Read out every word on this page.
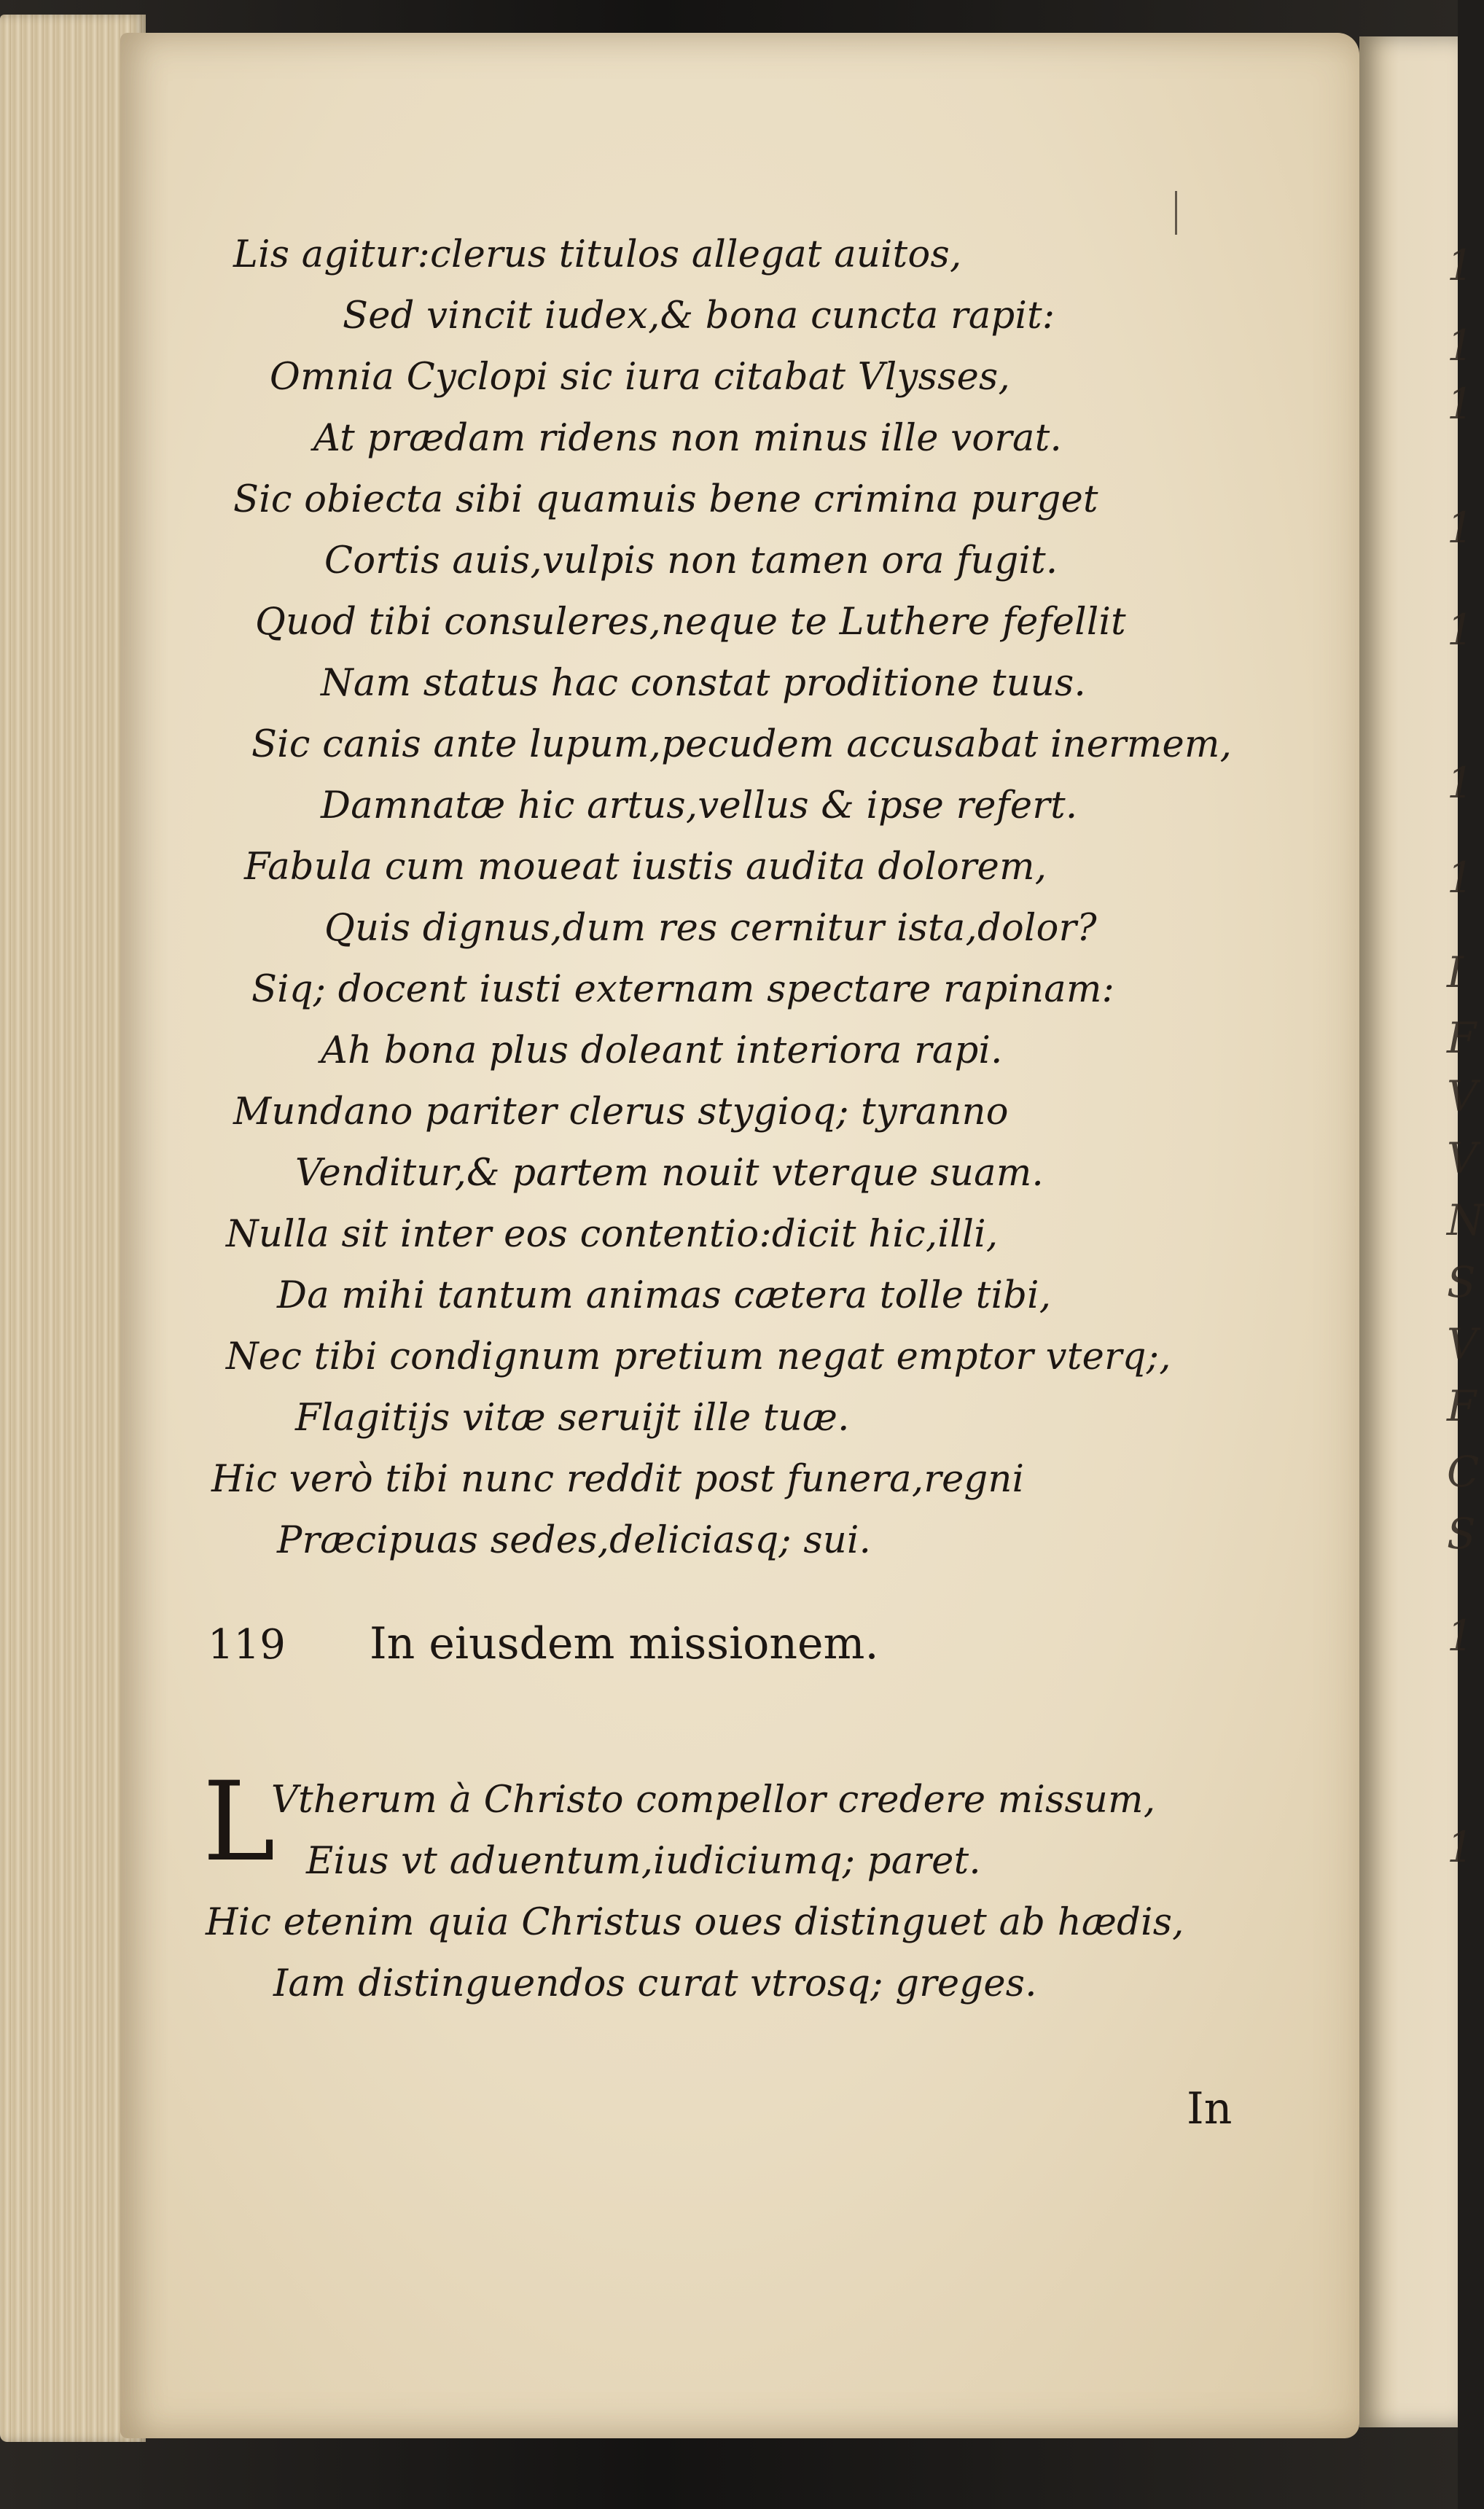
Lis agitur:clerus titulos allegat auitos,

Sed vincit iudex,& bona cuncta rapit:

Omnia Cyclopi sic iura citabat Vlysses,

At prædam ridens non minus ille vorat.

Sic obiecta sibi quamuis bene crimina purget

Cortis auis,vulpis non tamen ora fugit.

Quod tibi consuleres,neque te Luthere fefellit

Nam status hac constat proditione tuus.

Sic canis ante lupum,pecudem accusabat inermem,

Damnatæ hic artus,vellus & ipse refert.

Fabula cum moueat iustis audita dolorem,

Quis dignus,dum res cernitur ista,dolor?

Siq; docent iusti externam spectare rapinam:

Ah bona plus doleant interiora rapi.

Mundano pariter clerus stygioq; tyranno

Venditur,& partem nouit vterque suam.

Nulla sit inter eos contentio:dicit hic,illi,

Da mihi tantum animas cætera tolle tibi,

Nec tibi condignum pretium negat emptor vterq;,

Flagitijs vitæ seruijt ille tuæ.

Hic verò tibi nunc reddit post funera,regni

Præcipuas sedes,deliciasq; sui.

119 In eiusdem missionem.
L

Vtherum à Christo compellor credere missum,

Eius vt aduentum,iudiciumq; paret.

Hic etenim quia Christus oues distinguet ab hædis,

Iam distinguendos curat vtrosq; greges.

In
1
1
1
1
1
1
1
I
F
V
V
N
S
V
F
C
S
1
1
